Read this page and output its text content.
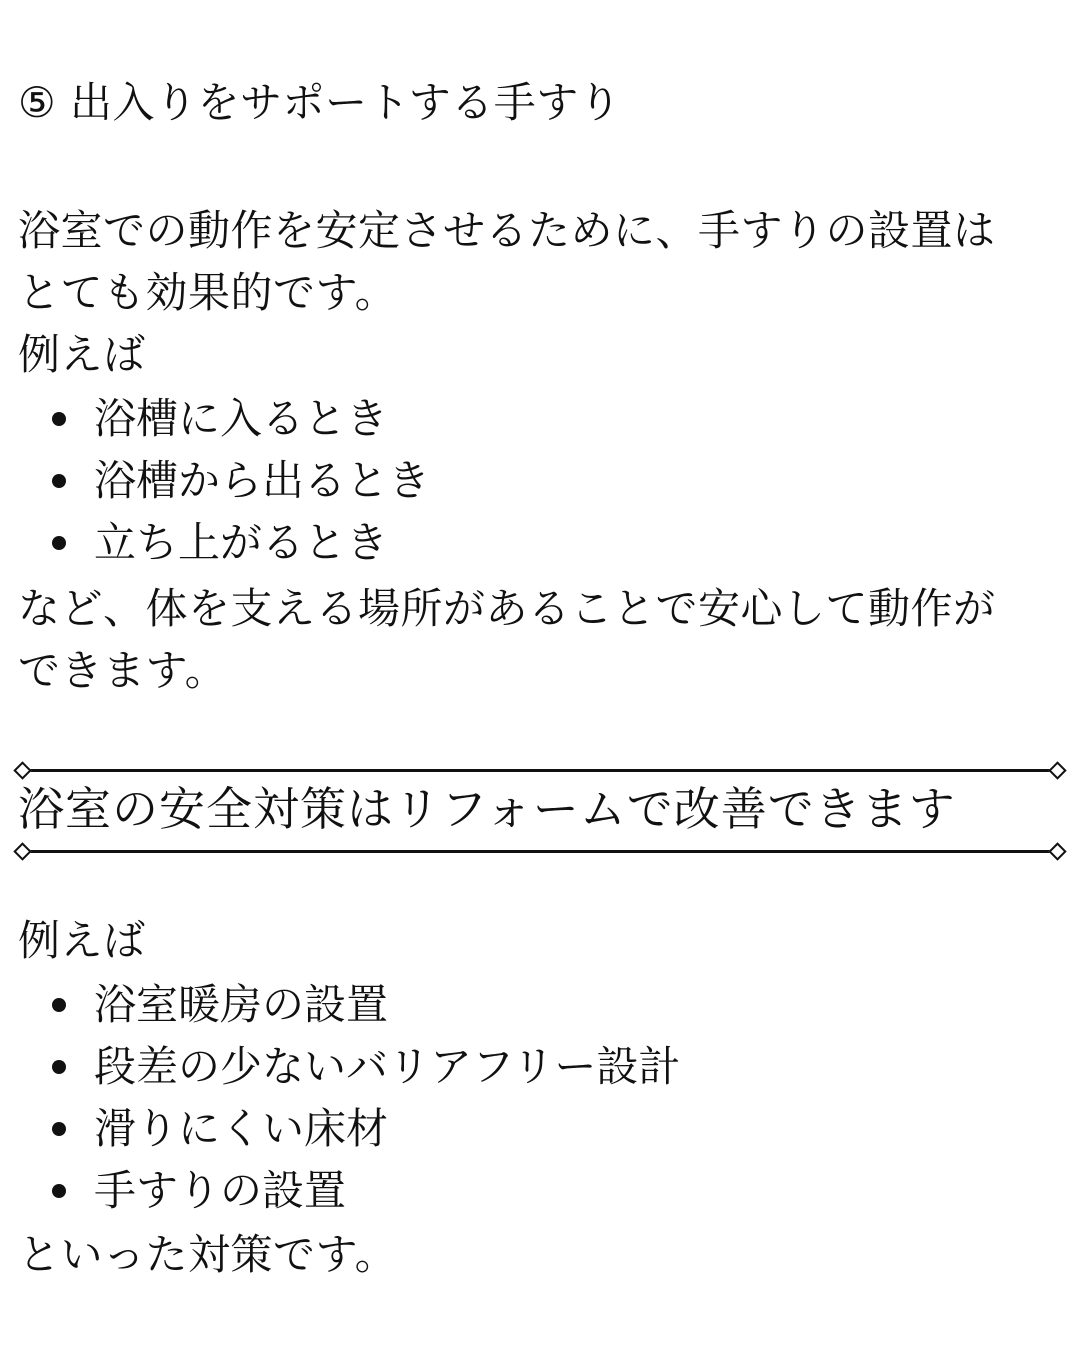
⑤ 出入りをサポートする手すり
浴室での動作を安定させるために、手すりの設置は
とても効果的です。
例えば
浴槽に入るとき
浴槽から出るとき
立ち上がるとき
など、体を支える場所があることで安心して動作が
できます。
浴室の安全対策はリフォームで改善できます
例えば
浴室暖房の設置
段差の少ないバリアフリー設計
滑りにくい床材
手すりの設置
といった対策です。
